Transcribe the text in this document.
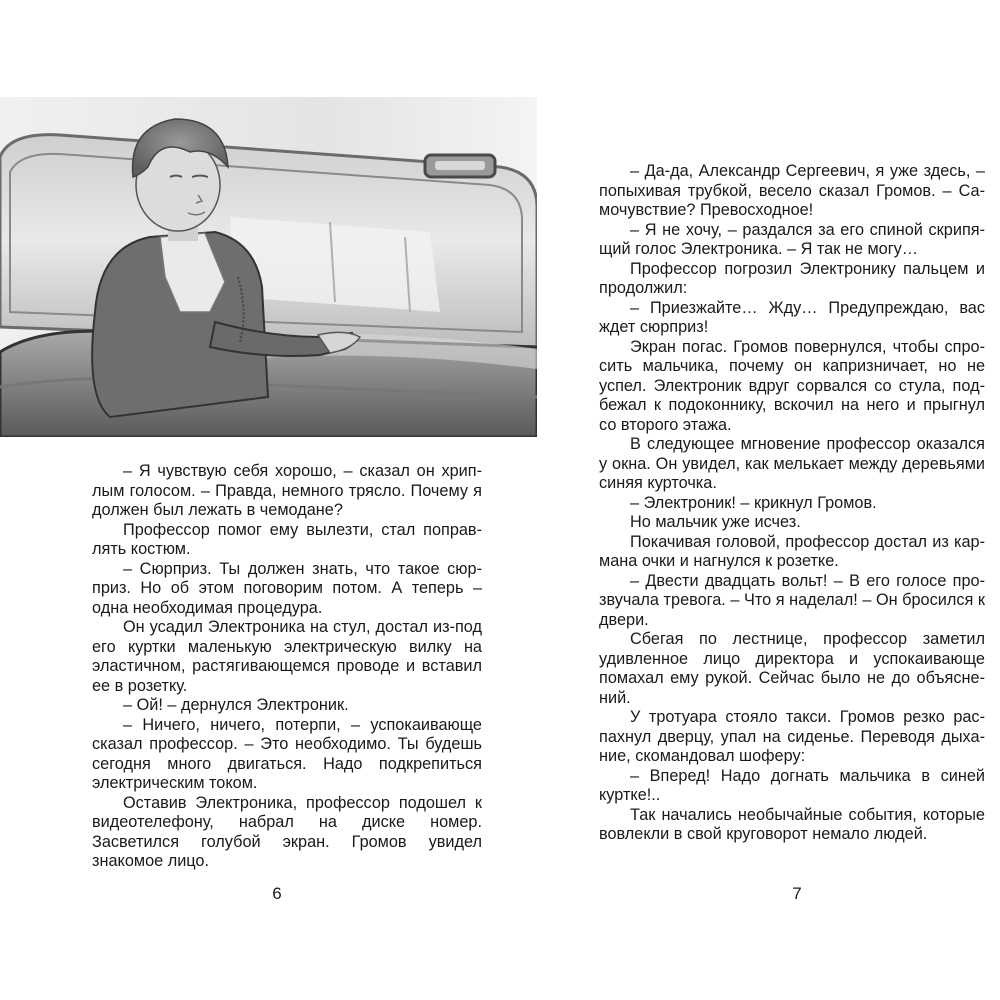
– Я чувствую себя хорошо, – сказал он хриплым голосом. – Правда, немного трясло. Почему я должен был лежать в чемодане?

Профессор помог ему вылезти, стал поправлять костюм.

– Сюрприз. Ты должен знать, что такое сюрприз. Но об этом поговорим потом. А теперь – одна необходимая процедура.

Он усадил Электроника на стул, достал из-под его куртки маленькую электрическую вилку на эластичном, растягивающемся проводе и вставил ее в розетку.

– Ой! – дернулся Электроник.

– Ничего, ничего, потерпи, – успокаивающе сказал профессор. – Это необходимо. Ты будешь сегодня много двигаться. Надо подкрепиться электрическим током.

Оставив Электроника, профессор подошел к видеотелефону, набрал на диске номер. Засветился голубой экран. Громов увидел знакомое лицо.

6

– Да-да, Александр Сергеевич, я уже здесь, – попыхивая трубкой, весело сказал Громов. – Самочувствие? Превосходное!

– Я не хочу, – раздался за его спиной скрипящий голос Электроника. – Я так не могу…

Профессор погрозил Электронику пальцем и продолжил:

– Приезжайте… Жду… Предупреждаю, вас ждет сюрприз!

Экран погас. Громов повернулся, чтобы спросить мальчика, почему он капризничает, но не успел. Электроник вдруг сорвался со стула, подбежал к подоконнику, вскочил на него и прыгнул со второго этажа.

В следующее мгновение профессор оказался у окна. Он увидел, как мелькает между деревьями синяя курточка.

– Электроник! – крикнул Громов.

Но мальчик уже исчез.

Покачивая головой, профессор достал из кармана очки и нагнулся к розетке.

– Двести двадцать вольт! – В его голосе прозвучала тревога. – Что я наделал! – Он бросился к двери.

Сбегая по лестнице, профессор заметил удивленное лицо директора и успокаивающе помахал ему рукой. Сейчас было не до объяснений.

У тротуара стояло такси. Громов резко распахнул дверцу, упал на сиденье. Переводя дыхание, скомандовал шоферу:

– Вперед! Надо догнать мальчика в синей куртке!..

Так начались необычайные события, которые вовлекли в свой круговорот немало людей.

7
